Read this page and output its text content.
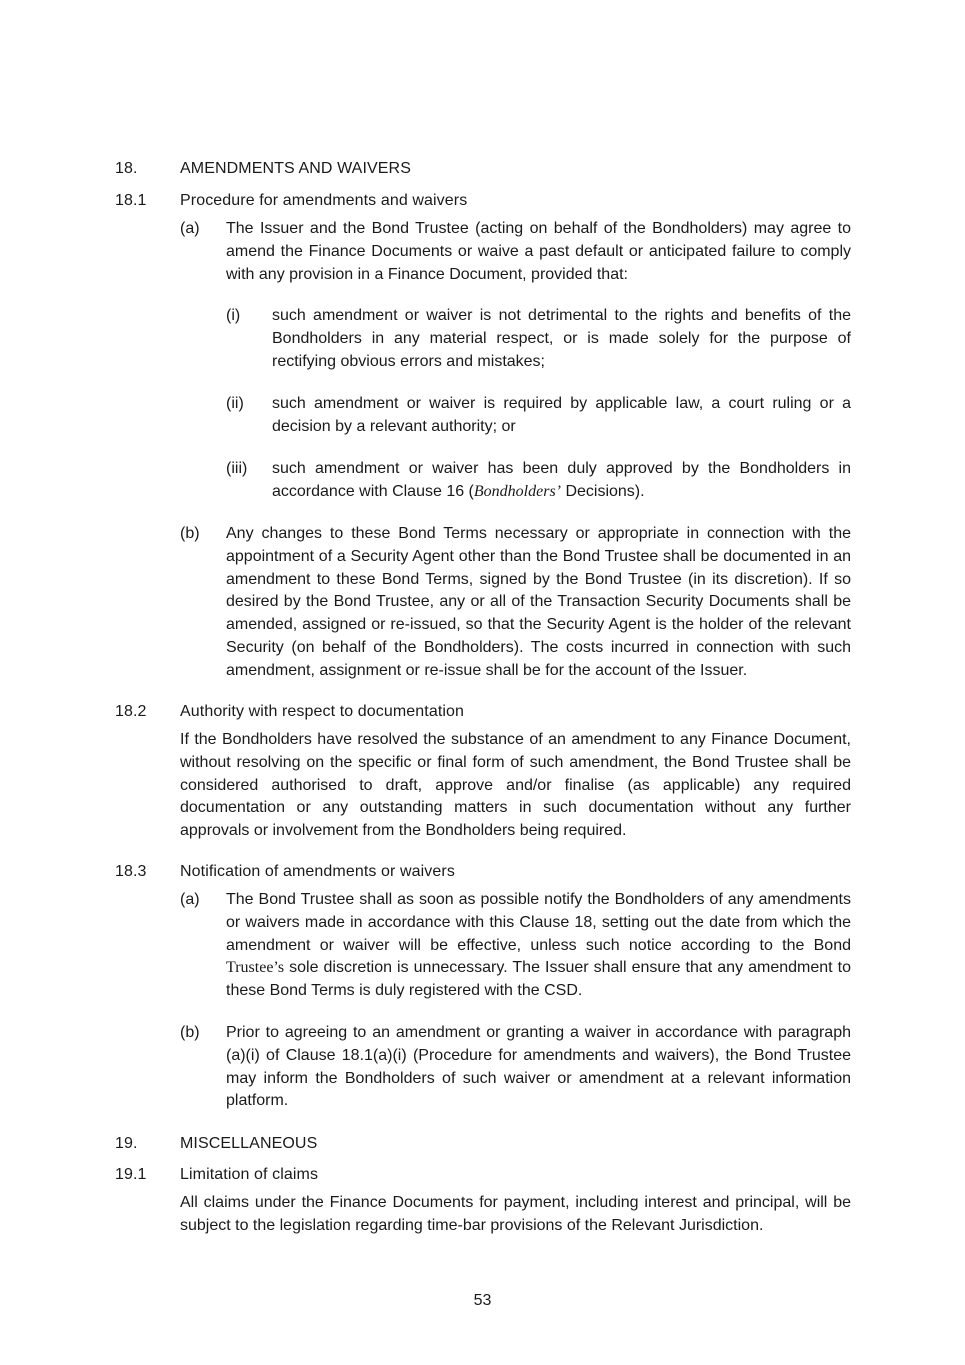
18.	AMENDMENTS AND WAIVERS
18.1 Procedure for amendments and waivers
(a) The Issuer and the Bond Trustee (acting on behalf of the Bondholders) may agree to amend the Finance Documents or waive a past default or anticipated failure to comply with any provision in a Finance Document, provided that:
(i) such amendment or waiver is not detrimental to the rights and benefits of the Bondholders in any material respect, or is made solely for the purpose of rectifying obvious errors and mistakes;
(ii) such amendment or waiver is required by applicable law, a court ruling or a decision by a relevant authority; or
(iii) such amendment or waiver has been duly approved by the Bondholders in accordance with Clause 16 (Bondholders’ Decisions).
(b) Any changes to these Bond Terms necessary or appropriate in connection with the appointment of a Security Agent other than the Bond Trustee shall be documented in an amendment to these Bond Terms, signed by the Bond Trustee (in its discretion). If so desired by the Bond Trustee, any or all of the Transaction Security Documents shall be amended, assigned or re-issued, so that the Security Agent is the holder of the relevant Security (on behalf of the Bondholders). The costs incurred in connection with such amendment, assignment or re-issue shall be for the account of the Issuer.
18.2 Authority with respect to documentation
If the Bondholders have resolved the substance of an amendment to any Finance Document, without resolving on the specific or final form of such amendment, the Bond Trustee shall be considered authorised to draft, approve and/or finalise (as applicable) any required documentation or any outstanding matters in such documentation without any further approvals or involvement from the Bondholders being required.
18.3 Notification of amendments or waivers
(a) The Bond Trustee shall as soon as possible notify the Bondholders of any amendments or waivers made in accordance with this Clause 18, setting out the date from which the amendment or waiver will be effective, unless such notice according to the Bond Trustee’s sole discretion is unnecessary. The Issuer shall ensure that any amendment to these Bond Terms is duly registered with the CSD.
(b) Prior to agreeing to an amendment or granting a waiver in accordance with paragraph (a)(i) of Clause 18.1(a)(i) (Procedure for amendments and waivers), the Bond Trustee may inform the Bondholders of such waiver or amendment at a relevant information platform.
19.	MISCELLANEOUS
19.1 Limitation of claims
All claims under the Finance Documents for payment, including interest and principal, will be subject to the legislation regarding time-bar provisions of the Relevant Jurisdiction.
53
